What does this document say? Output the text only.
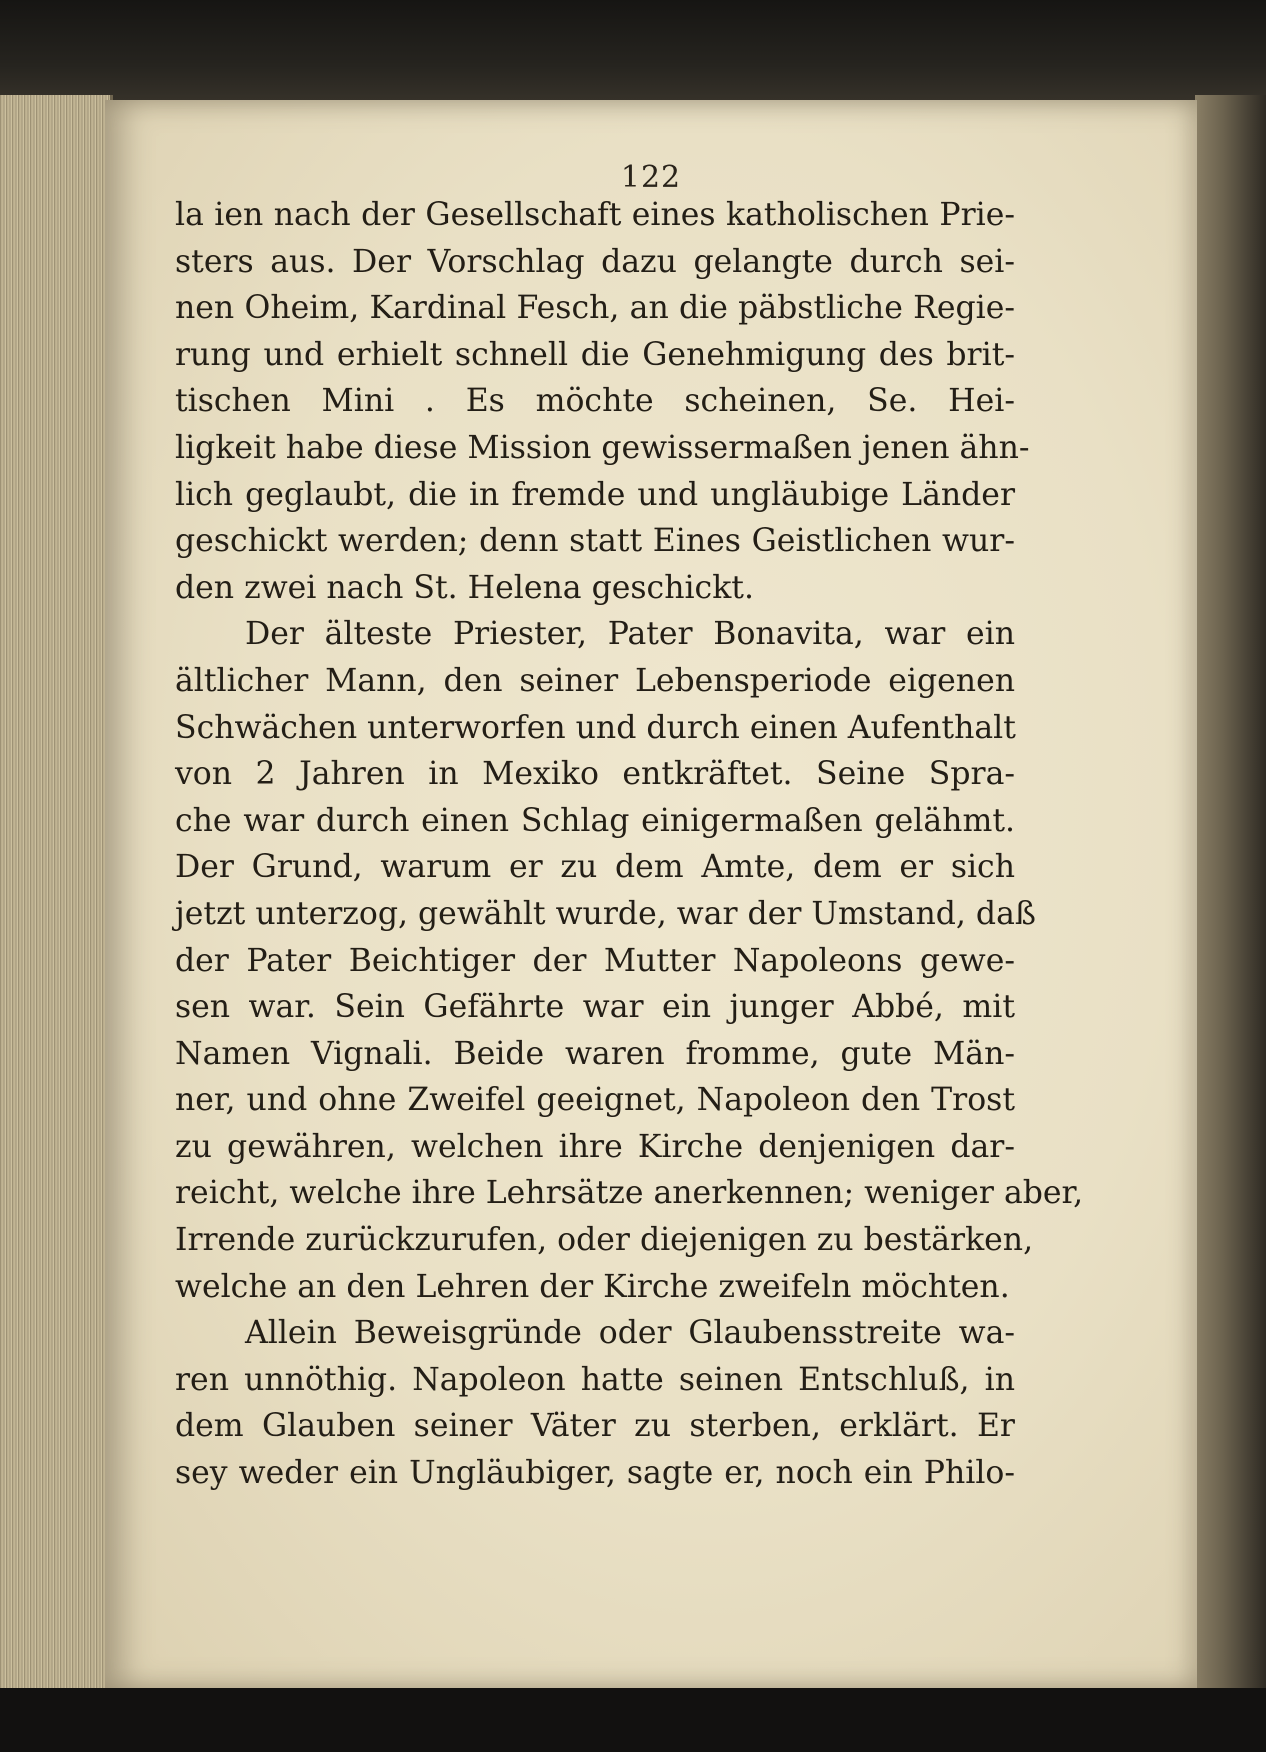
122
la ien nach der Gesellschaft eines katholischen Prie-
sters aus. Der Vorschlag dazu gelangte durch sei-
nen Oheim, Kardinal Fesch, an die päbstliche Regie-
rung und erhielt schnell die Genehmigung des brit-
tischen Mini . Es möchte scheinen, Se. Hei-
ligkeit habe diese Mission gewissermaßen jenen ähn-
lich geglaubt, die in fremde und ungläubige Länder
geschickt werden; denn statt Eines Geistlichen wur-
den zwei nach St. Helena geschickt.
Der älteste Priester, Pater Bonavita, war ein
ältlicher Mann, den seiner Lebensperiode eigenen
Schwächen unterworfen und durch einen Aufenthalt
von 2 Jahren in Mexiko entkräftet. Seine Spra-
che war durch einen Schlag einigermaßen gelähmt.
Der Grund, warum er zu dem Amte, dem er sich
jetzt unterzog, gewählt wurde, war der Umstand, daß
der Pater Beichtiger der Mutter Napoleons gewe-
sen war. Sein Gefährte war ein junger Abbé, mit
Namen Vignali. Beide waren fromme, gute Män-
ner, und ohne Zweifel geeignet, Napoleon den Trost
zu gewähren, welchen ihre Kirche denjenigen dar-
reicht, welche ihre Lehrsätze anerkennen; weniger aber,
Irrende zurückzurufen, oder diejenigen zu bestärken,
welche an den Lehren der Kirche zweifeln möchten.
Allein Beweisgründe oder Glaubensstreite wa-
ren unnöthig. Napoleon hatte seinen Entschluß, in
dem Glauben seiner Väter zu sterben, erklärt. Er
sey weder ein Ungläubiger, sagte er, noch ein Philo-
